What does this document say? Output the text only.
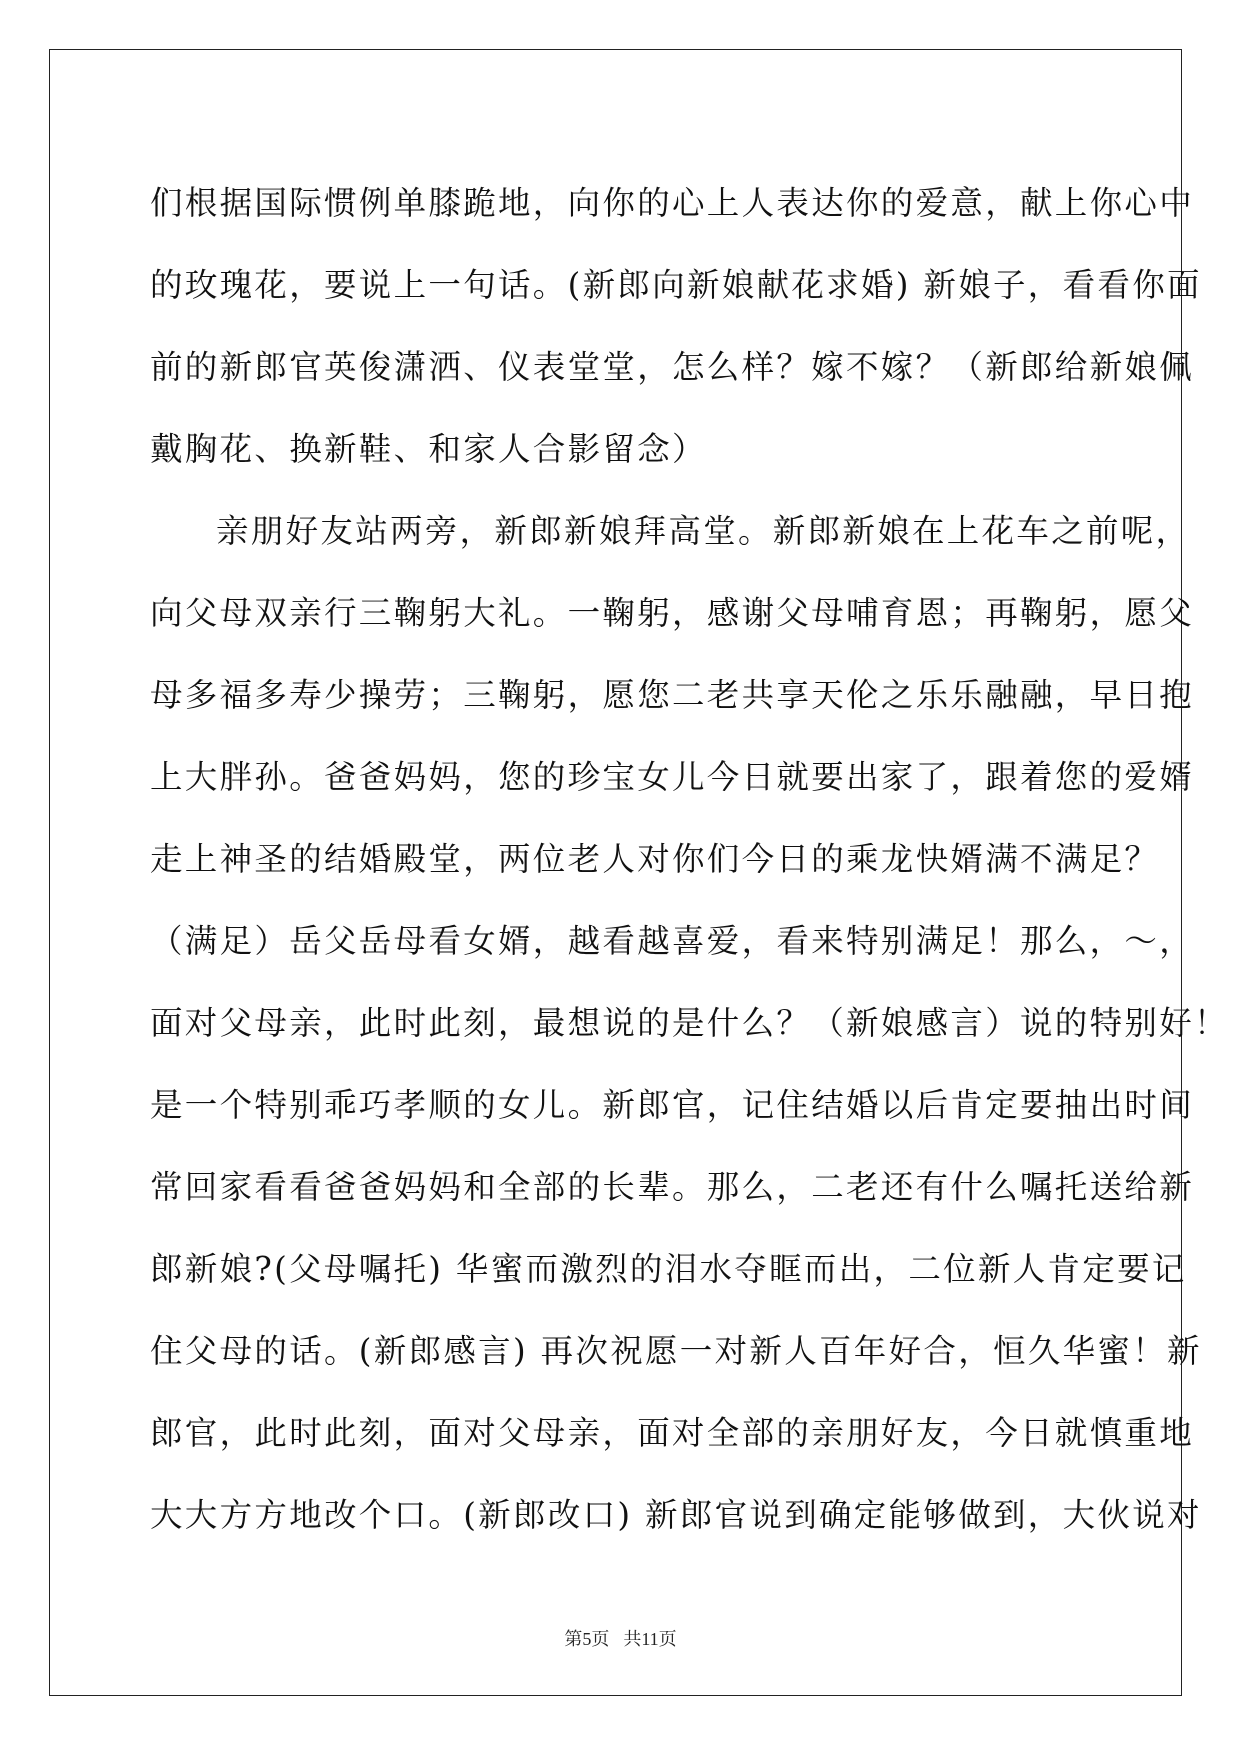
们根据国际惯例单膝跪地，向你的心上人表达你的爱意，献上你心中
的玫瑰花，要说上一句话。(新郎向新娘献花求婚) 新娘子，看看你面
前的新郎官英俊潇洒、仪表堂堂，怎么样？嫁不嫁？（新郎给新娘佩
戴胸花、换新鞋、和家人合影留念）
亲朋好友站两旁，新郎新娘拜高堂。新郎新娘在上花车之前呢，
向父母双亲行三鞠躬大礼。一鞠躬，感谢父母哺育恩；再鞠躬，愿父
母多福多寿少操劳；三鞠躬，愿您二老共享天伦之乐乐融融，早日抱
上大胖孙。爸爸妈妈，您的珍宝女儿今日就要出家了，跟着您的爱婿
走上神圣的结婚殿堂，两位老人对你们今日的乘龙快婿满不满足？
（满足）岳父岳母看女婿，越看越喜爱，看来特别满足！那么，～，
面对父母亲，此时此刻，最想说的是什么？（新娘感言）说的特别好！
是一个特别乖巧孝顺的女儿。新郎官，记住结婚以后肯定要抽出时间
常回家看看爸爸妈妈和全部的长辈。那么，二老还有什么嘱托送给新
郎新娘?(父母嘱托) 华蜜而激烈的泪水夺眶而出，二位新人肯定要记
住父母的话。(新郎感言) 再次祝愿一对新人百年好合，恒久华蜜！新
郎官，此时此刻，面对父母亲，面对全部的亲朋好友，今日就慎重地
大大方方地改个口。(新郎改口) 新郎官说到确定能够做到，大伙说对
第5页 共11页
